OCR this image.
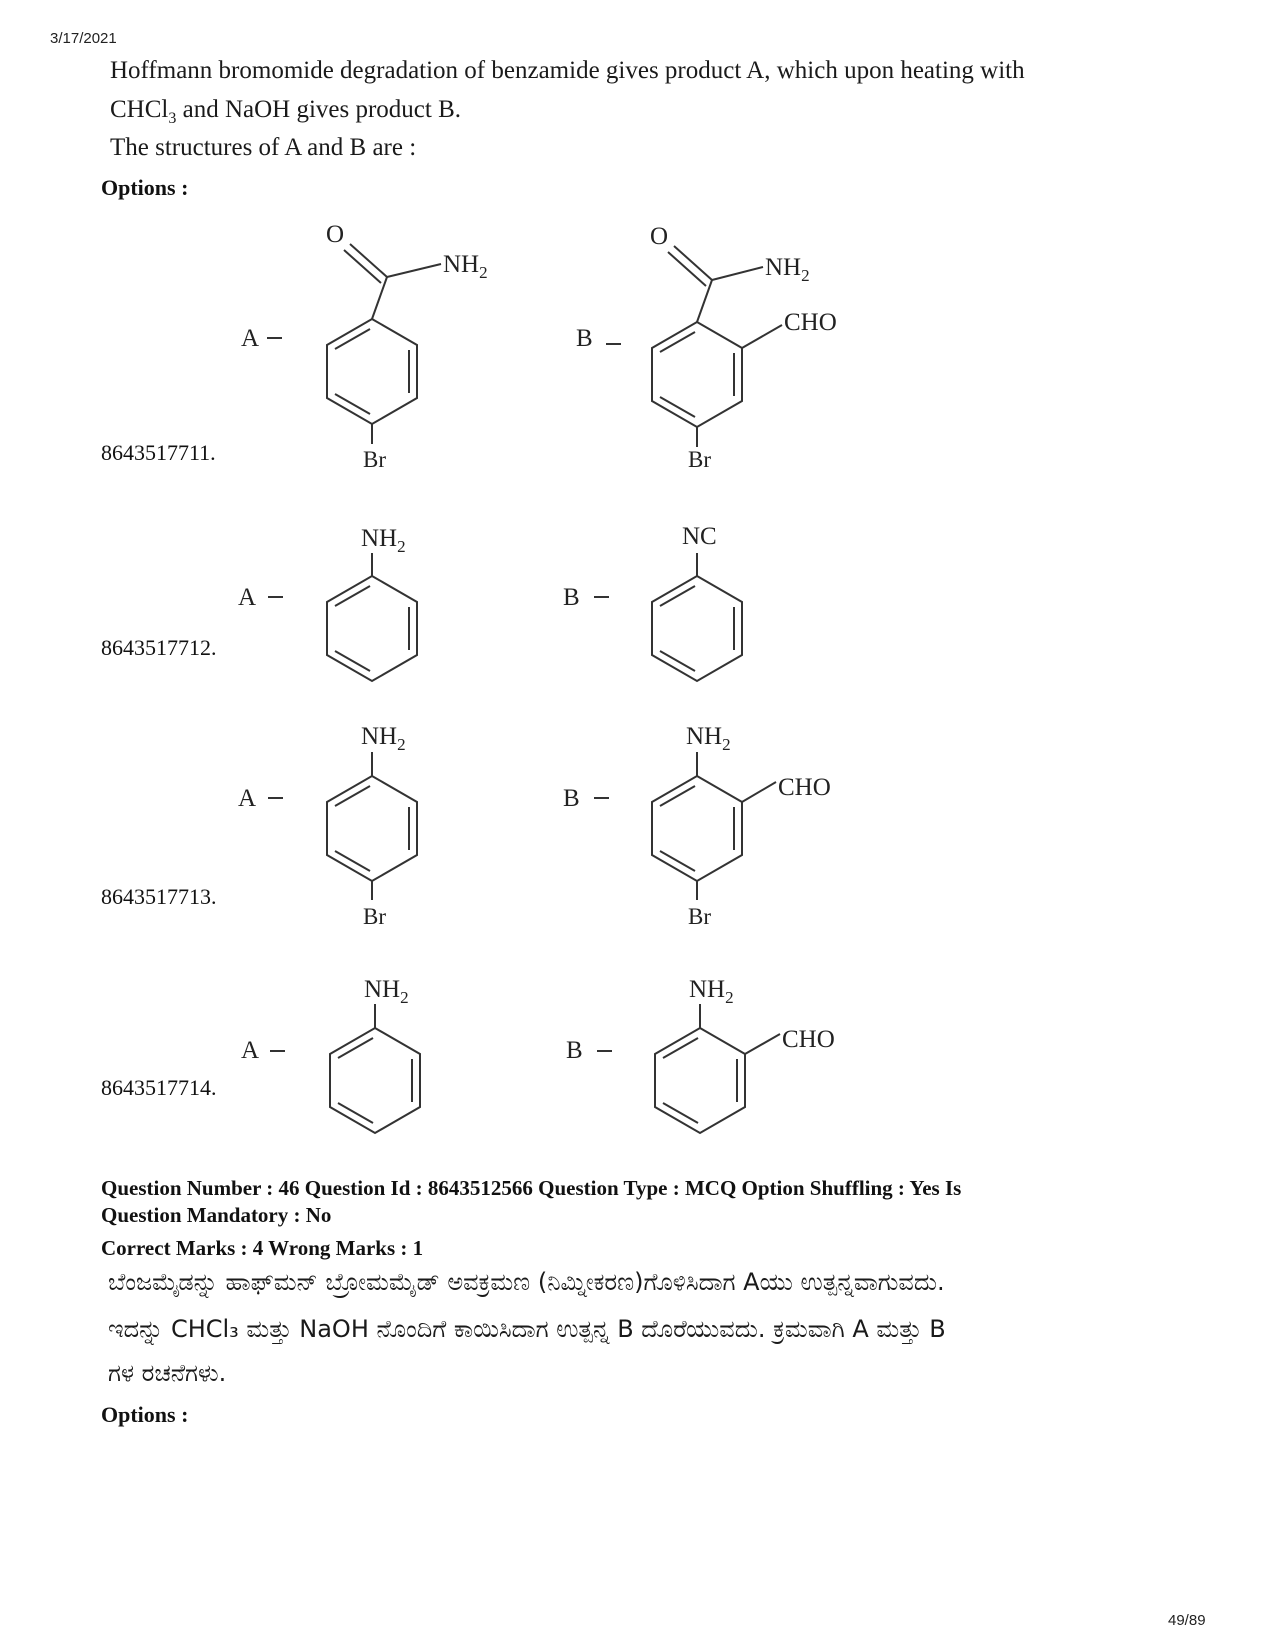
3/17/2021
Hoffmann bromomide degradation of benzamide gives product A, which upon heating with
CHCl$_3$ and NaOH gives product B.
The structures of A and B are :
Options :
8643517711.
8643517712.
8643517713.
8643517714.
A
O
$NH_2$
Br
B
O
$NH_2$
CHO
Br
A
$NH_2$
B
NC
A
$NH_2$
Br
B
$NH_2$
CHO
Br
A
$NH_2$
B
$NH_2$
CHO
Question Number : 46 Question Id : 8643512566 Question Type : MCQ Option Shuffling : Yes Is
Question Mandatory : No
Correct Marks : 4 Wrong Marks : 1
ಬೆಂಜಮೈಡನ್ನು ಹಾಫ್‌ಮನ್ ಬ್ರೋಮಮೈಡ್ ಅವಕ್ರಮಣ (ನಿಮ್ನೀಕರಣ)ಗೊಳಿಸಿದಾಗ Aಯು ಉತ್ಪನ್ನವಾಗುವದು.
ಇದನ್ನು CHCl₃ ಮತ್ತು NaOH ನೊಂದಿಗೆ ಕಾಯಿಸಿದಾಗ ಉತ್ಪನ್ನ B ದೊರೆಯುವದು. ಕ್ರಮವಾಗಿ A ಮತ್ತು B
ಗಳ ರಚನೆಗಳು.
Options :
49/89
